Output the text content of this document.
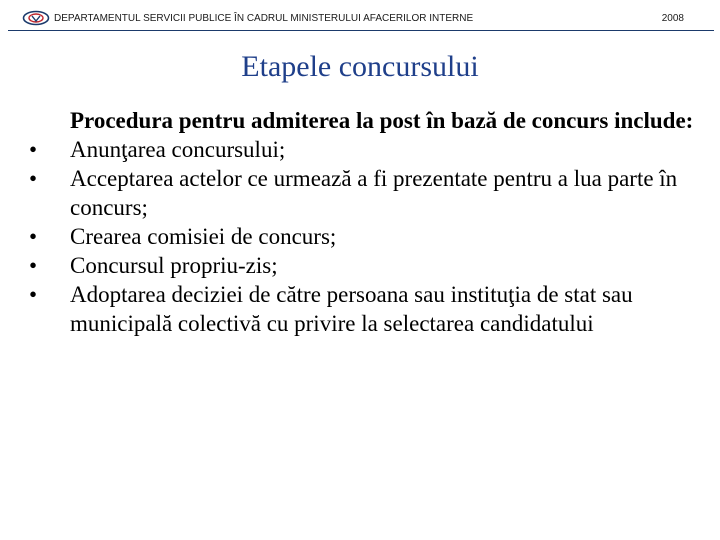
DEPARTAMENTUL SERVICII PUBLICE ÎN CADRUL MINISTERULUI AFACERILOR INTERNE	2008
Etapele concursului

Procedura pentru admiterea la post în bază de concurs include:

• Anunţarea concursului;
• Acceptarea actelor ce urmează a fi prezentate pentru a lua parte în concurs;
• Crearea comisiei de concurs;
• Concursul propriu-zis;
• Adoptarea deciziei de către persoana sau instituţia de stat sau municipală colectivă cu privire la selectarea candidatului
